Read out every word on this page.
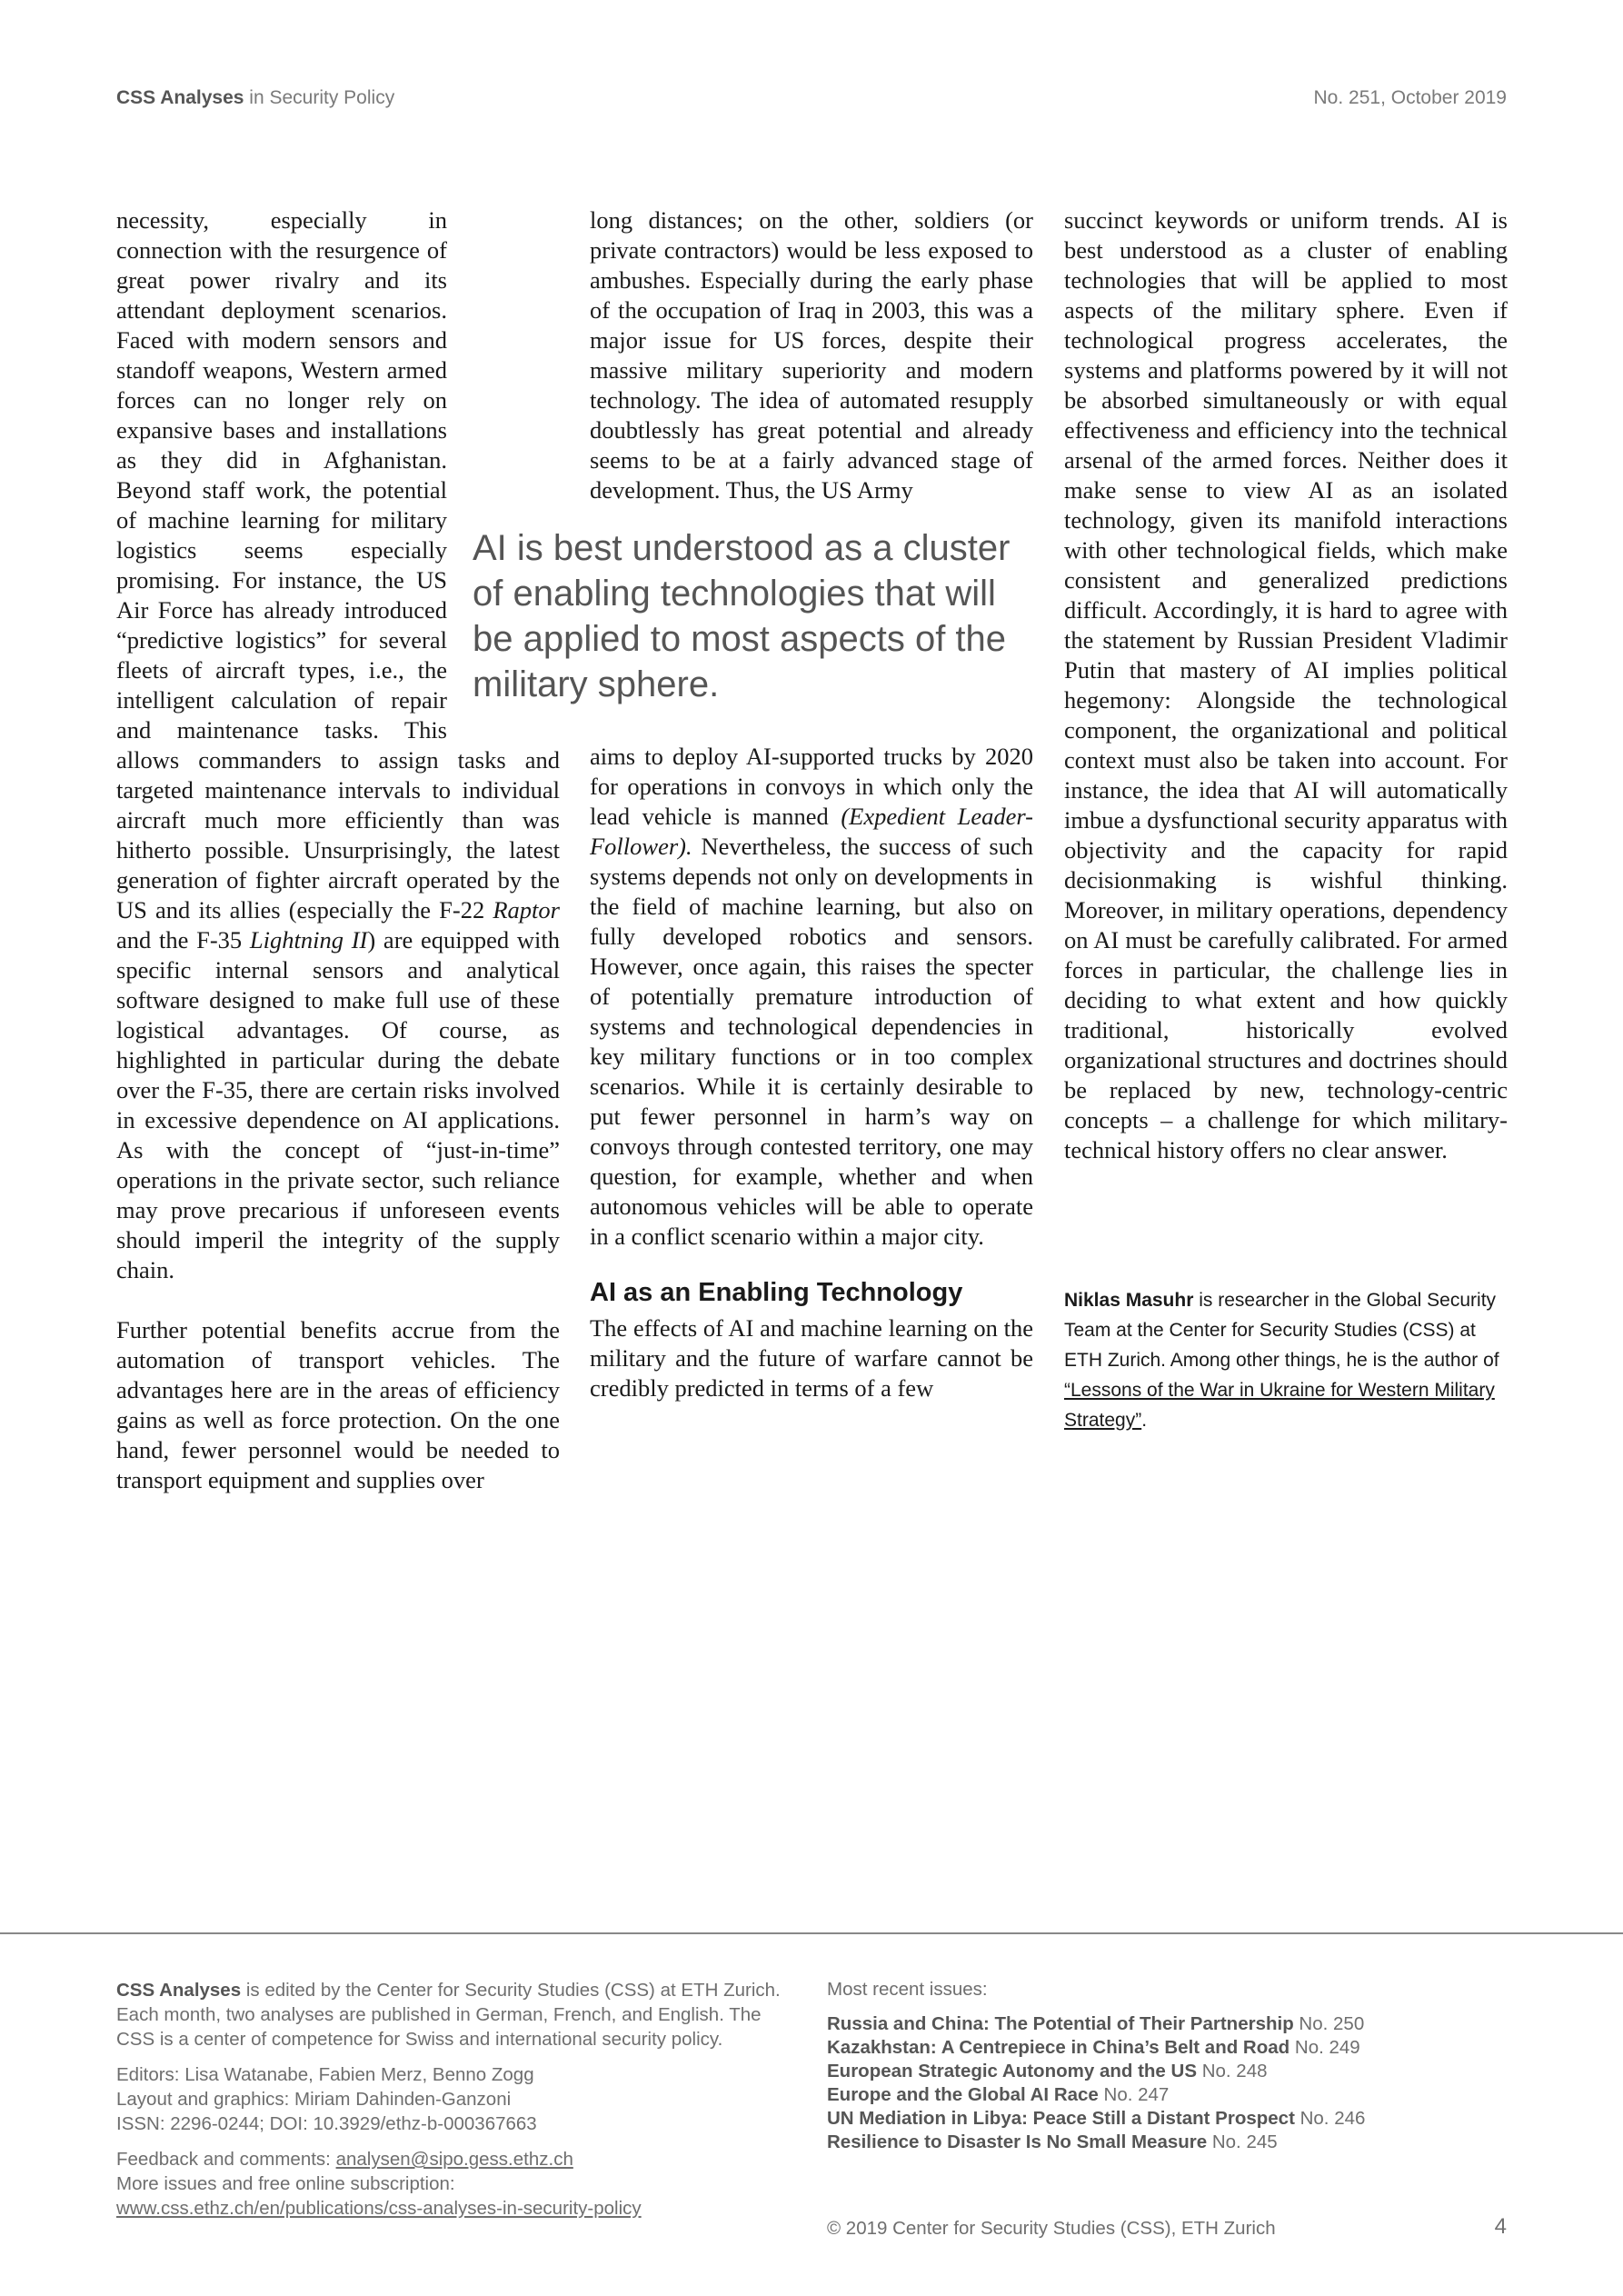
CSS Analyses in Security Policy	No. 251, October 2019

necessity, especially in connection with the resurgence of great power rivalry and its attendant deployment scenarios. Faced with modern sensors and standoff weapons, Western armed forces can no longer rely on expansive bases and installations as they did in Afghanistan. Beyond staff work, the potential of machine learning for military logistics seems especially promising. For instance, the US Air Force has already introduced “predictive logistics” for several fleets of aircraft types, i.e., the intelligent calculation of repair and maintenance tasks. This allows commanders to assign tasks and targeted maintenance intervals to individual aircraft much more efficiently than was hitherto possible. Unsurprisingly, the latest generation of fighter aircraft operated by the US and its allies (especially the F-22 Raptor and the F-35 Lightning II) are equipped with specific internal sensors and analytical software designed to make full use of these logistical advantages. Of course, as highlighted in particular during the debate over the F-35, there are certain risks involved in excessive dependence on AI applications. As with the concept of “just-in-time” operations in the private sector, such reliance may prove precarious if unforeseen events should imperil the integrity of the supply chain.

Further potential benefits accrue from the automation of transport vehicles. The advantages here are in the areas of efficiency gains as well as force protection. On the one hand, fewer personnel would be needed to transport equipment and supplies over

long distances; on the other, soldiers (or private contractors) would be less exposed to ambushes. Especially during the early phase of the occupation of Iraq in 2003, this was a major issue for US forces, despite their massive military superiority and modern technology. The idea of automated resupply doubtlessly has great potential and already seems to be at a fairly advanced stage of development. Thus, the US Army

AI is best understood as a cluster of enabling technologies that will be applied to most aspects of the military sphere.

aims to deploy AI-supported trucks by 2020 for operations in convoys in which only the lead vehicle is manned (Expedient Leader-Follower). Nevertheless, the success of such systems depends not only on developments in the field of machine learning, but also on fully developed robotics and sensors. However, once again, this raises the specter of potentially premature introduction of systems and technological dependencies in key military functions or in too complex scenarios. While it is certainly desirable to put fewer personnel in harm’s way on convoys through contested territory, one may question, for example, whether and when autonomous vehicles will be able to operate in a conflict scenario within a major city.

AI as an Enabling Technology

The effects of AI and machine learning on the military and the future of warfare cannot be credibly predicted in terms of a few

succinct keywords or uniform trends. AI is best understood as a cluster of enabling technologies that will be applied to most aspects of the military sphere. Even if technological progress accelerates, the systems and platforms powered by it will not be absorbed simultaneously or with equal effectiveness and efficiency into the technical arsenal of the armed forces. Neither does it make sense to view AI as an isolated technology, given its manifold interactions with other technological fields, which make consistent and generalized predictions difficult. Accordingly, it is hard to agree with the statement by Russian President Vladimir Putin that mastery of AI implies political hegemony: Alongside the technological component, the organizational and political context must also be taken into account. For instance, the idea that AI will automatically imbue a dysfunctional security apparatus with objectivity and the capacity for rapid decisionmaking is wishful thinking. Moreover, in military operations, dependency on AI must be carefully calibrated. For armed forces in particular, the challenge lies in deciding to what extent and how quickly traditional, historically evolved organizational structures and doctrines should be replaced by new, technology-centric concepts – a challenge for which military-technical history offers no clear answer.

Niklas Masuhr is researcher in the Global Security Team at the Center for Security Studies (CSS) at ETH Zurich. Among other things, he is the author of “Lessons of the War in Ukraine for Western Military Strategy”.

CSS Analyses is edited by the Center for Security Studies (CSS) at ETH Zurich. Each month, two analyses are published in German, French, and English. The CSS is a center of competence for Swiss and international security policy.

Editors: Lisa Watanabe, Fabien Merz, Benno Zogg
Layout and graphics: Miriam Dahinden-Ganzoni
ISSN: 2296-0244; DOI: 10.3929/ethz-b-000367663

Feedback and comments: analysen@sipo.gess.ethz.ch
More issues and free online subscription:
www.css.ethz.ch/en/publications/css-analyses-in-security-policy

Most recent issues:

Russia and China: The Potential of Their Partnership No. 250
Kazakhstan: A Centrepiece in China’s Belt and Road No. 249
European Strategic Autonomy and the US No. 248
Europe and the Global AI Race No. 247
UN Mediation in Libya: Peace Still a Distant Prospect No. 246
Resilience to Disaster Is No Small Measure No. 245
© 2019 Center for Security Studies (CSS), ETH Zurich	4
